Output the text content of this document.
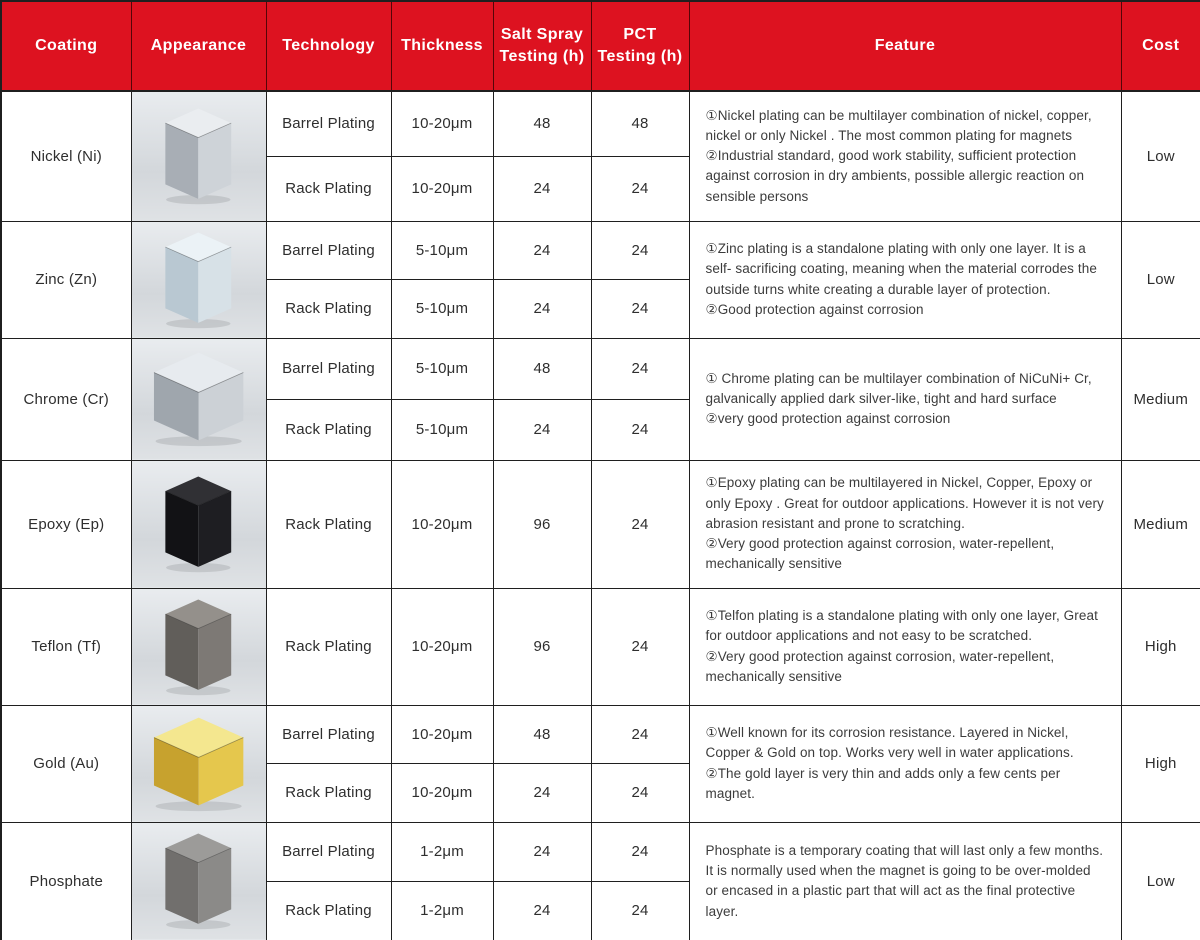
Coating	Appearance	Technology	Thickness	Salt Spray Testing (h)	PCT Testing (h)	Feature	Cost
Nickel (Ni)		Barrel Plating	10-20μm	48	48	①Nickel plating can be multilayer combination of nickel, copper, nickel or only Nickel . The most common plating for magnets
②Industrial standard, good work stability, sufficient protection against corrosion in dry ambients, possible allergic reaction on sensible persons	Low
		Rack Plating	10-20μm	24	24		
Zinc (Zn)		Barrel Plating	5-10μm	24	24	①Zinc plating is a standalone plating with only one layer. It is a self- sacrificing coating, meaning when the material corrodes the outside turns white creating a durable layer of protection.
②Good protection against corrosion	Low
		Rack Plating	5-10μm	24	24		
Chrome (Cr)		Barrel Plating	5-10μm	48	24	① Chrome plating can be multilayer combination of NiCuNi+ Cr, galvanically applied dark silver-like, tight and hard surface
②very good protection against corrosion	Medium
		Rack Plating	5-10μm	24	24		
Epoxy (Ep)		Rack Plating	10-20μm	96	24	①Epoxy plating can be multilayered in Nickel, Copper, Epoxy or only Epoxy . Great for outdoor applications. However it is not very abrasion resistant and prone to scratching.
②Very good protection against corrosion, water-repellent, mechanically sensitive	Medium
Teflon (Tf)		Rack Plating	10-20μm	96	24	①Telfon plating is a standalone plating with only one layer, Great for outdoor applications and not easy to be scratched.
②Very good protection against corrosion, water-repellent, mechanically sensitive	High
Gold (Au)		Barrel Plating	10-20μm	48	24	①Well known for its corrosion resistance. Layered in Nickel, Copper & Gold on top. Works very well in water applications.
②The gold layer is very thin and adds only a few cents per magnet.	High
		Rack Plating	10-20μm	24	24		
Phosphate		Barrel Plating	1-2μm	24	24	Phosphate is a temporary coating that will last only a few months. It is normally used when the magnet is going to be over-molded or encased in a plastic part that will act as the final protective layer.	Low
		Rack Plating	1-2μm	24	24		
